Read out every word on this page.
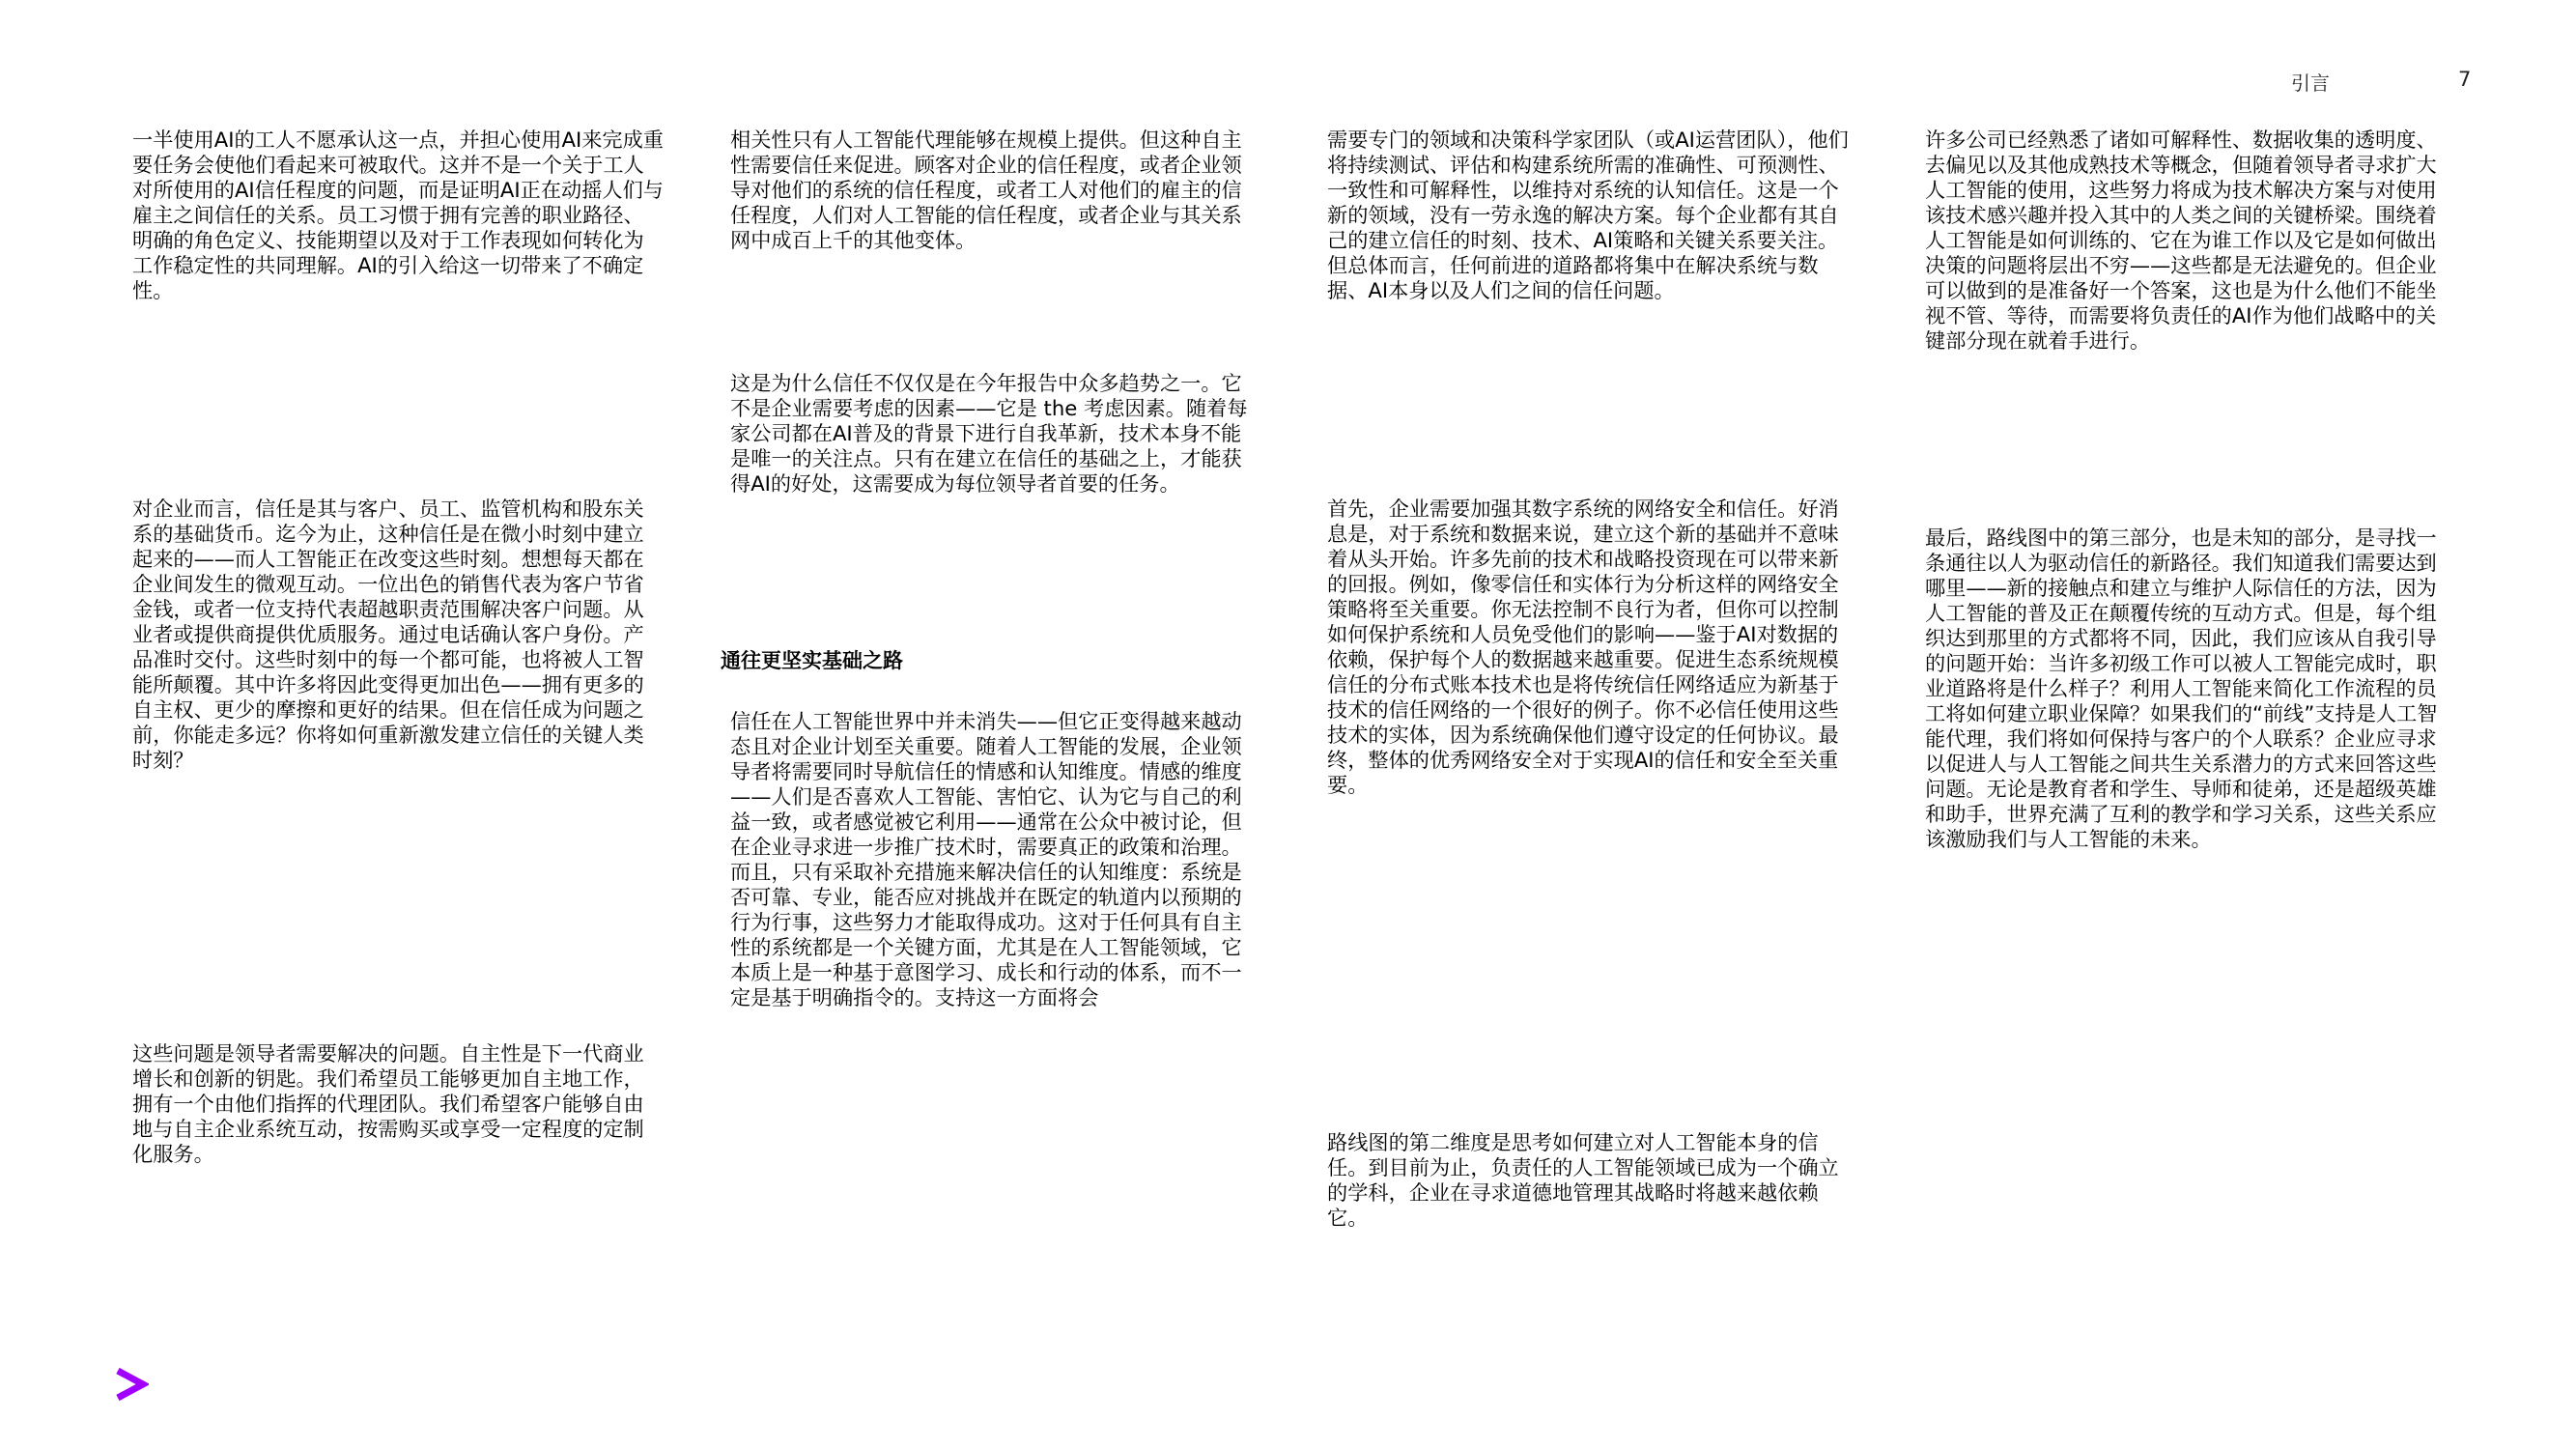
引言	7

一半使用AI的工人不愿承认这一点，并担心使用AI来完成重要任务会使他们看起来可被取代。这并不是一个关于工人对所使用的AI信任程度的问题，而是证明AI正在动摇人们与雇主之间信任的关系。员工习惯于拥有完善的职业路径、明确的角色定义、技能期望以及对于工作表现如何转化为工作稳定性的共同理解。AI的引入给这一切带来了不确定性。

对企业而言，信任是其与客户、员工、监管机构和股东关系的基础货币。迄今为止，这种信任是在微小时刻中建立起来的——而人工智能正在改变这些时刻。想想每天都在企业间发生的微观互动。一位出色的销售代表为客户节省金钱，或者一位支持代表超越职责范围解决客户问题。从业者或提供商提供优质服务。通过电话确认客户身份。产品准时交付。这些时刻中的每一个都可能，也将被人工智能所颠覆。其中许多将因此变得更加出色——拥有更多的自主权、更少的摩擦和更好的结果。但在信任成为问题之前，你能走多远？你将如何重新激发建立信任的关键人类时刻？

这些问题是领导者需要解决的问题。自主性是下一代商业增长和创新的钥匙。我们希望员工能够更加自主地工作，拥有一个由他们指挥的代理团队。我们希望客户能够自由地与自主企业系统互动，按需购买或享受一定程度的定制化服务。

相关性只有人工智能代理能够在规模上提供。但这种自主性需要信任来促进。顾客对企业的信任程度，或者企业领导对他们的系统的信任程度，或者工人对他们的雇主的信任程度，人们对人工智能的信任程度，或者企业与其关系网中成百上千的其他变体。

这是为什么信任不仅仅是在今年报告中众多趋势之一。它不是企业需要考虑的因素——它是 the 考虑因素。随着每家公司都在AI普及的背景下进行自我革新，技术本身不能是唯一的关注点。只有在建立在信任的基础之上，才能获得AI的好处，这需要成为每位领导者首要的任务。

通往更坚实基础之路

信任在人工智能世界中并未消失——但它正变得越来越动态且对企业计划至关重要。随着人工智能的发展，企业领导者将需要同时导航信任的情感和认知维度。情感的维度——人们是否喜欢人工智能、害怕它、认为它与自己的利益一致，或者感觉被它利用——通常在公众中被讨论，但在企业寻求进一步推广技术时，需要真正的政策和治理。而且，只有采取补充措施来解决信任的认知维度：系统是否可靠、专业，能否应对挑战并在既定的轨道内以预期的行为行事，这些努力才能取得成功。这对于任何具有自主性的系统都是一个关键方面，尤其是在人工智能领域，它本质上是一种基于意图学习、成长和行动的体系，而不一定是基于明确指令的。支持这一方面将会

需要专门的领域和决策科学家团队（或AI运营团队），他们将持续测试、评估和构建系统所需的准确性、可预测性、一致性和可解释性，以维持对系统的认知信任。这是一个新的领域，没有一劳永逸的解决方案。每个企业都有其自己的建立信任的时刻、技术、AI策略和关键关系要关注。但总体而言，任何前进的道路都将集中在解决系统与数据、AI本身以及人们之间的信任问题。

首先，企业需要加强其数字系统的网络安全和信任。好消息是，对于系统和数据来说，建立这个新的基础并不意味着从头开始。许多先前的技术和战略投资现在可以带来新的回报。例如，像零信任和实体行为分析这样的网络安全策略将至关重要。你无法控制不良行为者，但你可以控制如何保护系统和人员免受他们的影响——鉴于AI对数据的依赖，保护每个人的数据越来越重要。促进生态系统规模信任的分布式账本技术也是将传统信任网络适应为新基于技术的信任网络的一个很好的例子。你不必信任使用这些技术的实体，因为系统确保他们遵守设定的任何协议。最终，整体的优秀网络安全对于实现AI的信任和安全至关重要。

路线图的第二维度是思考如何建立对人工智能本身的信任。到目前为止，负责任的人工智能领域已成为一个确立的学科，企业在寻求道德地管理其战略时将越来越依赖它。

许多公司已经熟悉了诸如可解释性、数据收集的透明度、去偏见以及其他成熟技术等概念，但随着领导者寻求扩大人工智能的使用，这些努力将成为技术解决方案与对使用该技术感兴趣并投入其中的人类之间的关键桥梁。围绕着人工智能是如何训练的、它在为谁工作以及它是如何做出决策的问题将层出不穷——这些都是无法避免的。但企业可以做到的是准备好一个答案，这也是为什么他们不能坐视不管、等待，而需要将负责任的AI作为他们战略中的关键部分现在就着手进行。

最后，路线图中的第三部分，也是未知的部分，是寻找一条通往以人为驱动信任的新路径。我们知道我们需要达到哪里——新的接触点和建立与维护人际信任的方法，因为人工智能的普及正在颠覆传统的互动方式。但是，每个组织达到那里的方式都将不同，因此，我们应该从自我引导的问题开始：当许多初级工作可以被人工智能完成时，职业道路将是什么样子？利用人工智能来简化工作流程的员工将如何建立职业保障？如果我们的“前线”支持是人工智能代理，我们将如何保持与客户的个人联系？企业应寻求以促进人与人工智能之间共生关系潜力的方式来回答这些问题。无论是教育者和学生、导师和徒弟，还是超级英雄和助手，世界充满了互利的教学和学习关系，这些关系应该激励我们与人工智能的未来。
